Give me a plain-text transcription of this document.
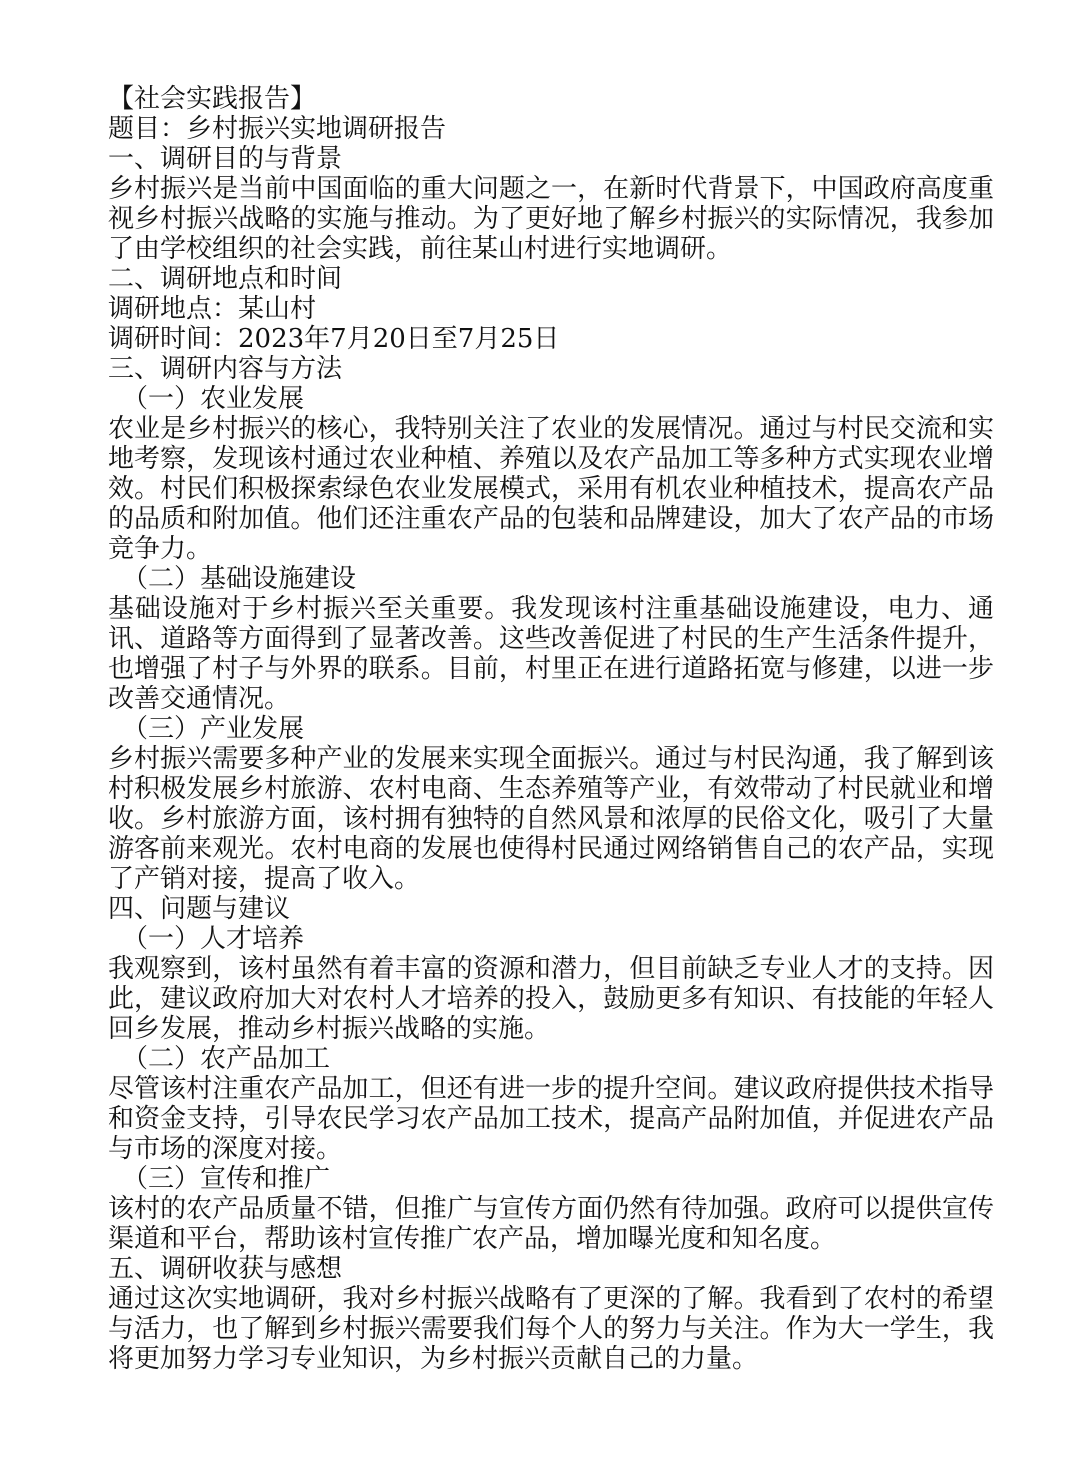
【社会实践报告】

题目：乡村振兴实地调研报告

一、调研目的与背景

乡村振兴是当前中国面临的重大问题之一，在新时代背景下，中国政府高度重视乡村振兴战略的实施与推动。为了更好地了解乡村振兴的实际情况，我参加了由学校组织的社会实践，前往某山村进行实地调研。

二、调研地点和时间

调研地点：某山村

调研时间：2023年7月20日至7月25日

三、调研内容与方法

（一）农业发展

农业是乡村振兴的核心，我特别关注了农业的发展情况。通过与村民交流和实地考察，发现该村通过农业种植、养殖以及农产品加工等多种方式实现农业增效。村民们积极探索绿色农业发展模式，采用有机农业种植技术，提高农产品的品质和附加值。他们还注重农产品的包装和品牌建设，加大了农产品的市场竞争力。

（二）基础设施建设

基础设施对于乡村振兴至关重要。我发现该村注重基础设施建设，电力、通讯、道路等方面得到了显著改善。这些改善促进了村民的生产生活条件提升，也增强了村子与外界的联系。目前，村里正在进行道路拓宽与修建，以进一步改善交通情况。

（三）产业发展

乡村振兴需要多种产业的发展来实现全面振兴。通过与村民沟通，我了解到该村积极发展乡村旅游、农村电商、生态养殖等产业，有效带动了村民就业和增收。乡村旅游方面，该村拥有独特的自然风景和浓厚的民俗文化，吸引了大量游客前来观光。农村电商的发展也使得村民通过网络销售自己的农产品，实现了产销对接，提高了收入。

四、问题与建议

（一）人才培养

我观察到，该村虽然有着丰富的资源和潜力，但目前缺乏专业人才的支持。因此，建议政府加大对农村人才培养的投入，鼓励更多有知识、有技能的年轻人回乡发展，推动乡村振兴战略的实施。

（二）农产品加工

尽管该村注重农产品加工，但还有进一步的提升空间。建议政府提供技术指导和资金支持，引导农民学习农产品加工技术，提高产品附加值，并促进农产品与市场的深度对接。

（三）宣传和推广

该村的农产品质量不错，但推广与宣传方面仍然有待加强。政府可以提供宣传渠道和平台，帮助该村宣传推广农产品，增加曝光度和知名度。

五、调研收获与感想

通过这次实地调研，我对乡村振兴战略有了更深的了解。我看到了农村的希望与活力，也了解到乡村振兴需要我们每个人的努力与关注。作为大一学生，我将更加努力学习专业知识，为乡村振兴贡献自己的力量。
